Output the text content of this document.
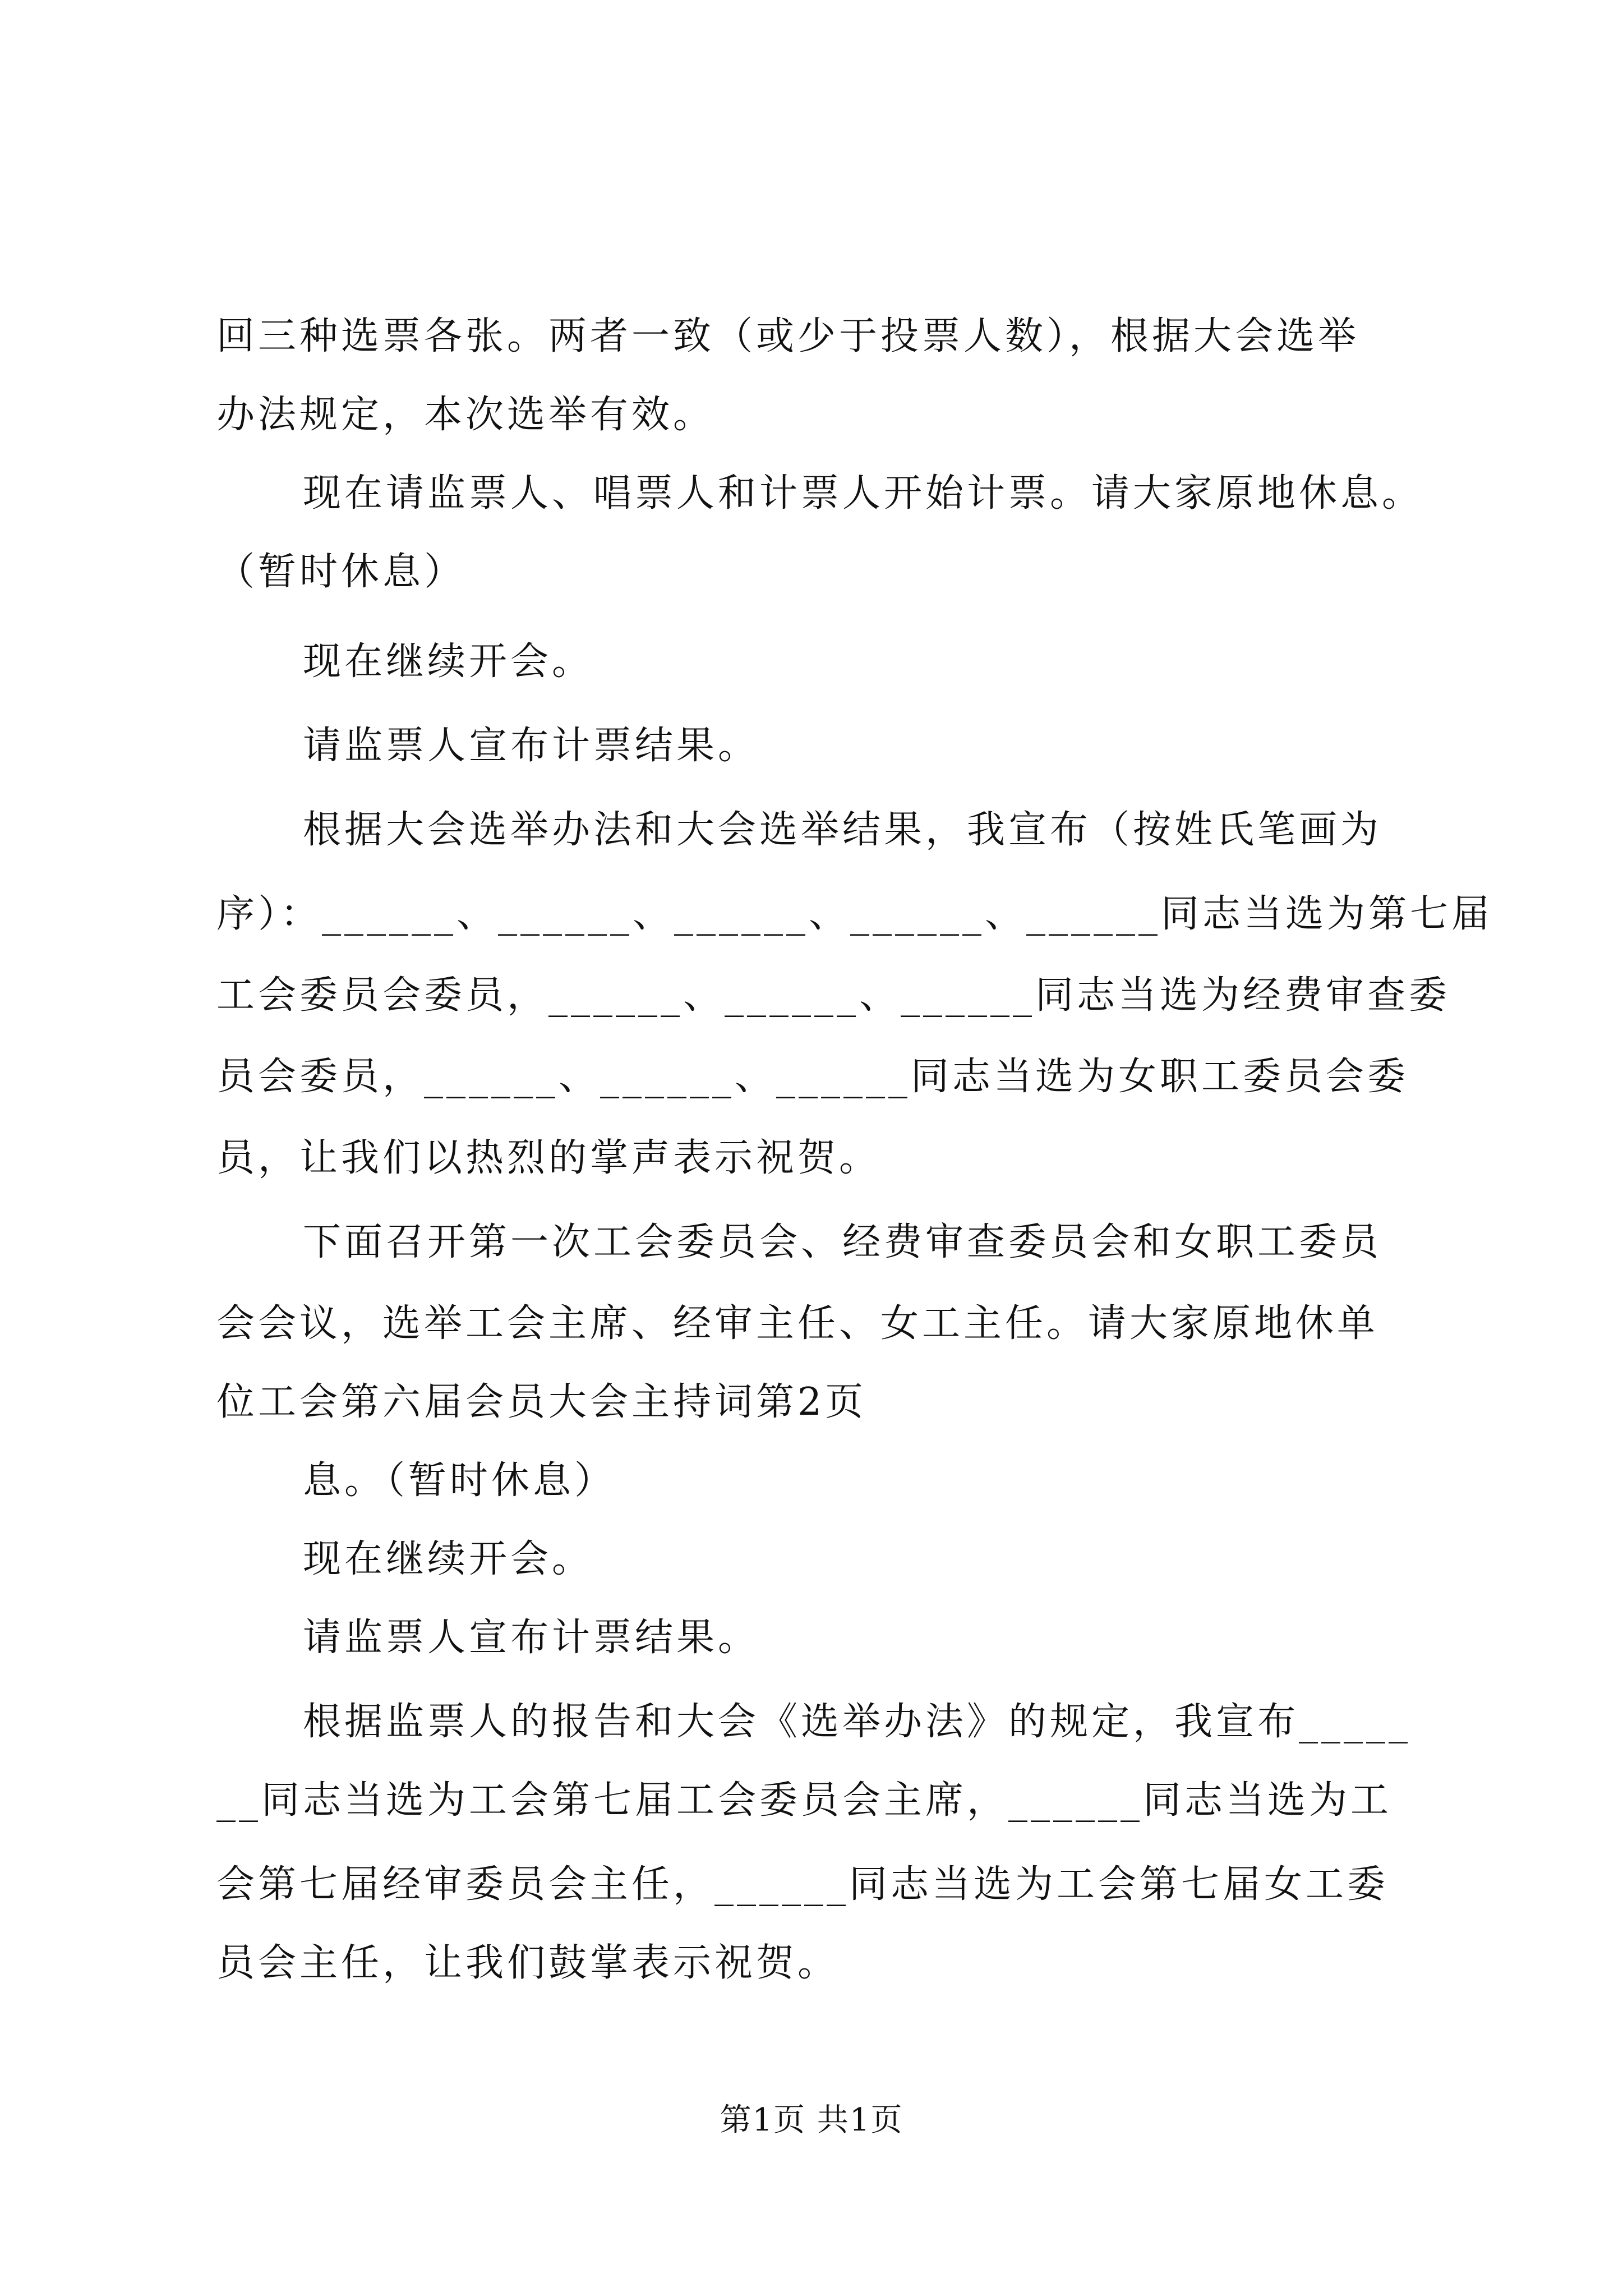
回三种选票各张。两者一致（或少于投票人数），根据大会选举
办法规定，本次选举有效。
现在请监票人、唱票人和计票人开始计票。请大家原地休息。
（暂时休息）
现在继续开会。
请监票人宣布计票结果。
根据大会选举办法和大会选举结果，我宣布（按姓氏笔画为
序）：______、______、______、______、______同志当选为第七届
工会委员会委员，______、______、______同志当选为经费审查委
员会委员，______、______、______同志当选为女职工委员会委
员，让我们以热烈的掌声表示祝贺。
下面召开第一次工会委员会、经费审查委员会和女职工委员
会会议，选举工会主席、经审主任、女工主任。请大家原地休单
位工会第六届会员大会主持词第2页
息。（暂时休息）
现在继续开会。
请监票人宣布计票结果。
根据监票人的报告和大会《选举办法》的规定，我宣布_____
__同志当选为工会第七届工会委员会主席，______同志当选为工
会第七届经审委员会主任，______同志当选为工会第七届女工委
员会主任，让我们鼓掌表示祝贺。
第1页 共1页
